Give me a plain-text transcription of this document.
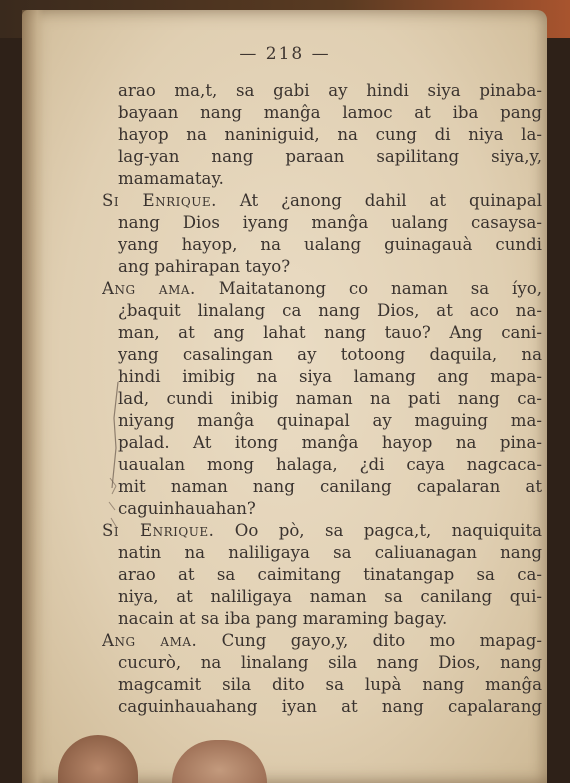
— 218 —
arao ma,t, sa gabi ay hindi siya pinaba-
bayaan nang manĝa lamoc at iba pang
hayop na naniniguid, na cung di niya la-
lag-yan nang paraan sapilitang siya,y,
mamamatay.
Si Enrique. At ¿anong dahil at quinapal
nang Dios iyang manĝa ualang casaysa-
yang hayop, na ualang guinagauà cundi
ang pahirapan tayo?
Ang ama. Maitatanong co naman sa íyo,
¿baquit linalang ca nang Dios, at aco na-
man, at ang lahat nang tauo? Ang cani-
yang casalingan ay totoong daquila, na
hindi imibig na siya lamang ang mapa-
lad, cundi inibig naman na pati nang ca-
niyang manĝa quinapal ay maguing ma-
palad. At itong manĝa hayop na pina-
uaualan mong halaga, ¿di caya nagcaca-
mit naman nang canilang capalaran at
caguinhauahan?
Si Enrique. Oo pò, sa pagca,t, naquiquita
natin na naliligaya sa caliuanagan nang
arao at sa caimitang tinatangap sa ca-
niya, at naliligaya naman sa canilang qui-
nacain at sa iba pang maraming bagay.
Ang ama. Cung gayo,y, dito mo mapag-
cucurò, na linalang sila nang Dios, nang
magcamit sila dito sa lupà nang manĝa
caguinhauahang iyan at nang capalarang
